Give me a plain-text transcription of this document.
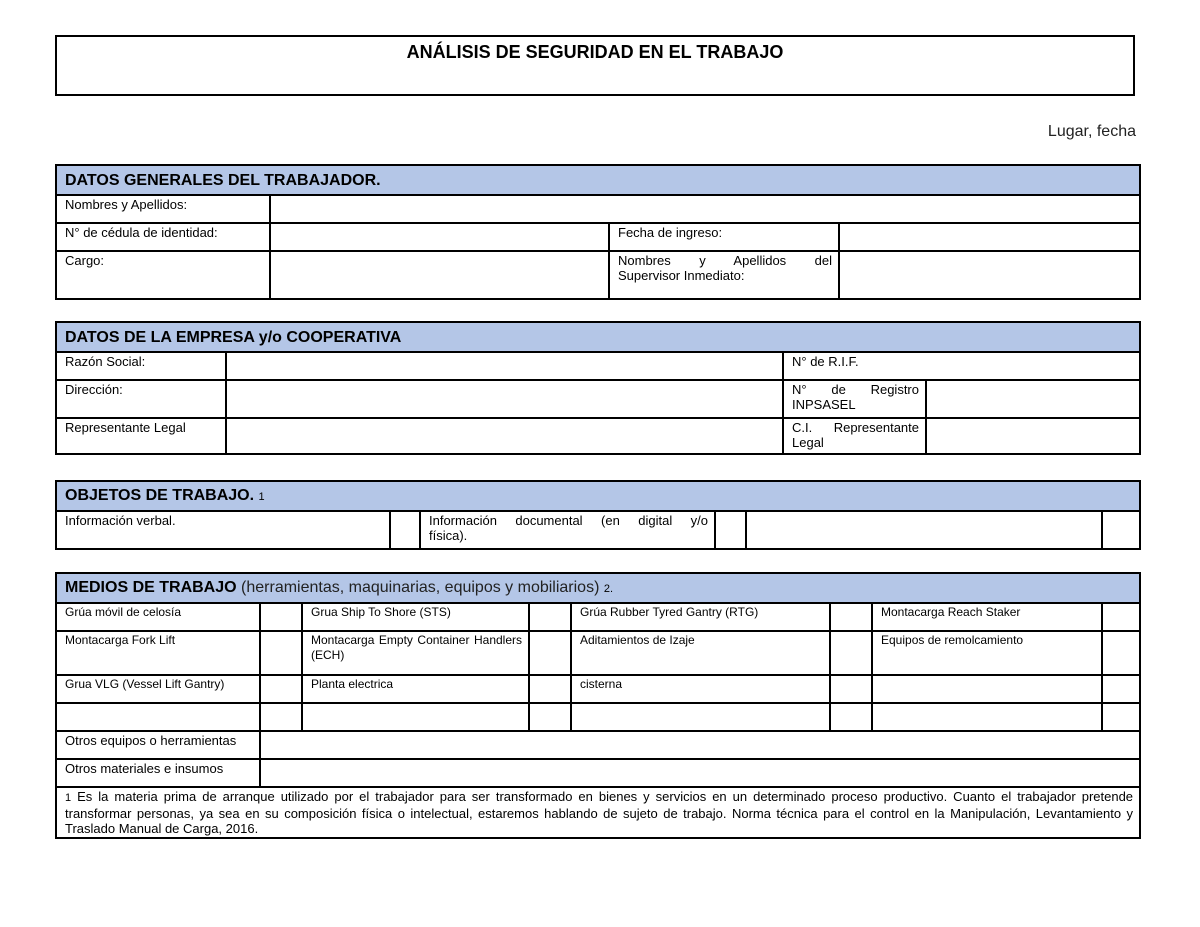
ANÁLISIS DE SEGURIDAD EN EL TRABAJO
Lugar, fecha
DATOS GENERALES DEL TRABAJADOR.			
Nombres y Apellidos:			
N° de cédula de identidad:		Fecha de ingreso:	
Cargo:		Nombres y Apellidos del
Supervisor Inmediato:	

DATOS DE LA EMPRESA y/o COOPERATIVA			
Razón Social:		N° de R.I.F.	
Dirección:		N° de Registro
INPSASEL	

Representante Legal		C.I. Representante
Legal	

OBJETOS DE TRABAJO. 1
Información verbal.		Información documental (en digital y/o
física).

MEDIOS DE TRABAJO (herramientas, maquinarias, equipos y mobiliarios) 2.							
Grúa móvil de celosía		Grua Ship To Shore (STS)		Grúa Rubber Tyred Gantry (RTG)		Montacarga Reach Staker	
Montacarga Fork Lift		Montacarga Empty Container Handlers (ECH)		Aditamientos de Izaje		Equipos de remolcamiento	
Grua VLG (Vessel Lift Gantry)		Planta electrica		cisterna			

Otros equipos o herramientas							
Otros materiales e insumos							
1 Es la materia prima de arranque utilizado por el trabajador para ser transformado en bienes y servicios en un determinado proceso productivo. Cuanto el trabajador pretende transformar personas, ya sea en su composición física o intelectual, estaremos hablando de sujeto de trabajo. Norma técnica para el control en la Manipulación, Levantamiento y Traslado Manual de Carga, 2016.							
